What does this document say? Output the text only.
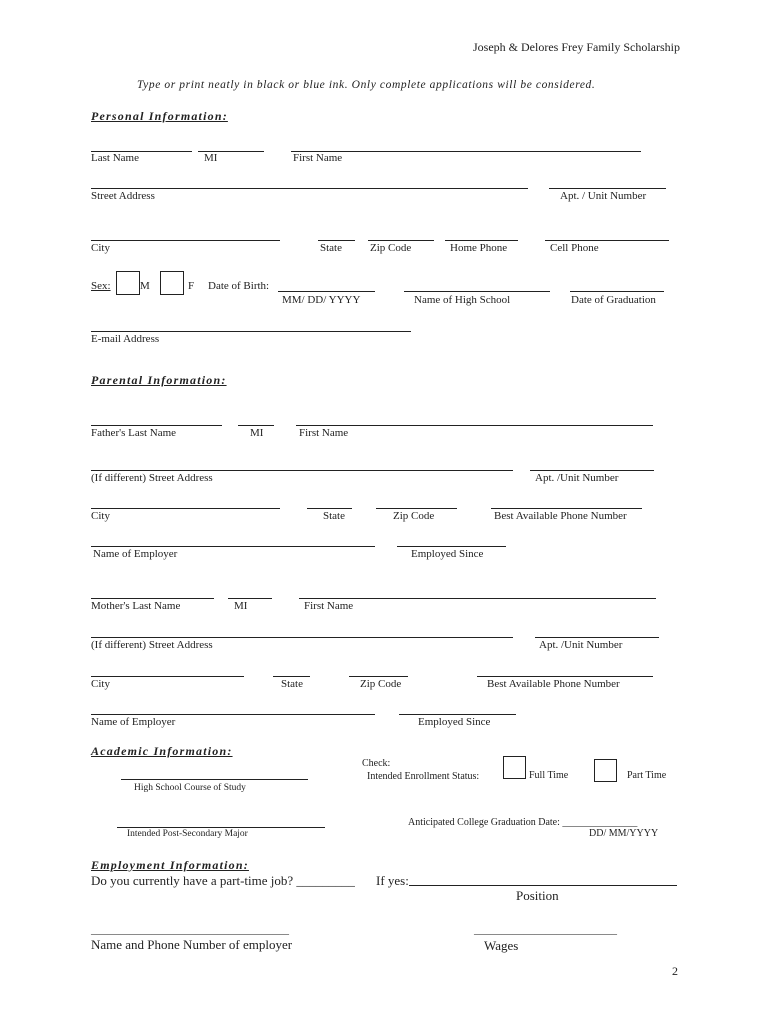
Joseph & Delores Frey Family Scholarship
Type or print neatly in black or blue ink. Only complete applications will be considered.
Personal Information:
Last Name	MI	First Name
Street Address	Apt. / Unit Number
City	State	Zip Code	Home Phone	Cell Phone
Sex:	M	F Date of Birth:
MM/ DD/ YYYY	Name of High School	Date of Graduation
E-mail Address
Parental Information:
Father's Last Name	MI	First Name
(If different) Street Address	Apt. /Unit Number
City	State	Zip Code	Best Available Phone Number
Name of Employer	Employed Since
Mother's Last Name	MI	First Name
(If different) Street Address	Apt. /Unit Number
City	State	Zip Code	Best Available Phone Number
Name of Employer	Employed Since
Academic Information:
Check:
Intended Enrollment Status:	Full Time	Part Time
High School Course of Study
Anticipated College Graduation Date: _______________
DD/ MM/YYYY
Intended Post-Secondary Major
Employment Information:
Do you currently have a part-time job? _________ If yes:
Position
____________________________________	__________________________
Name and Phone Number of employer	Wages
2
